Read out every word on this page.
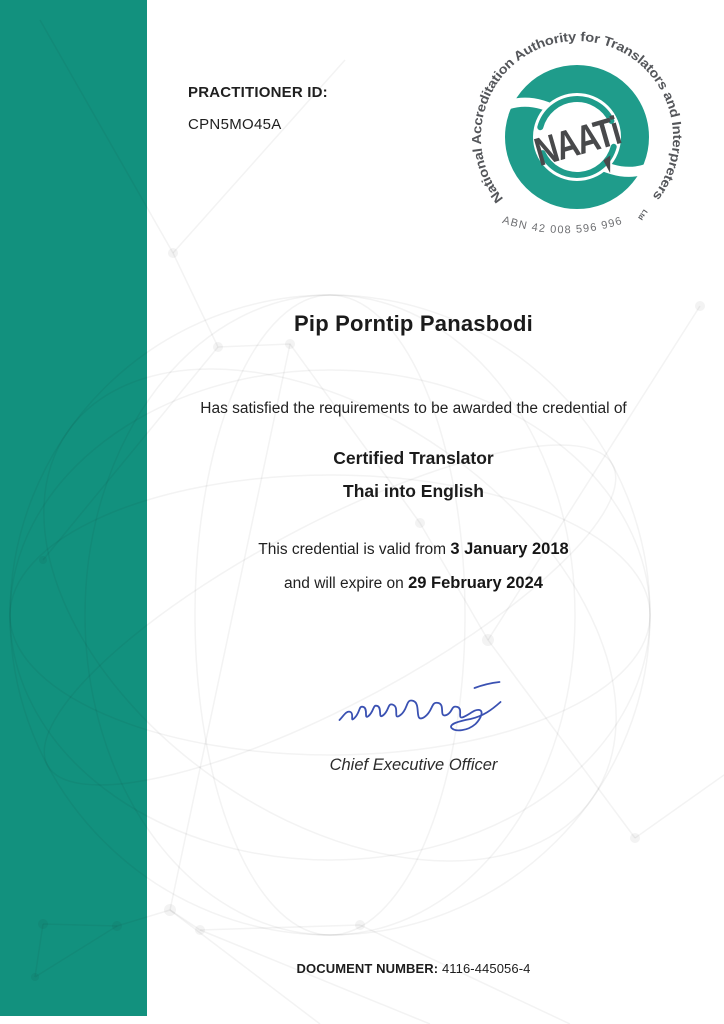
PRACTITIONER ID:
CPN5MO45A	NAATi
National Accreditation Authority for Translators and Interpreters
Ltd
ABN 42 008 596 996
Pip Porntip Panasbodi
Has satisfied the requirements to be awarded the credential of
Certified Translator
Thai into English
This credential is valid from 3 January 2018
and will expire on 29 February 2024
Chief Executive Officer
DOCUMENT NUMBER: 4116-445056-4
